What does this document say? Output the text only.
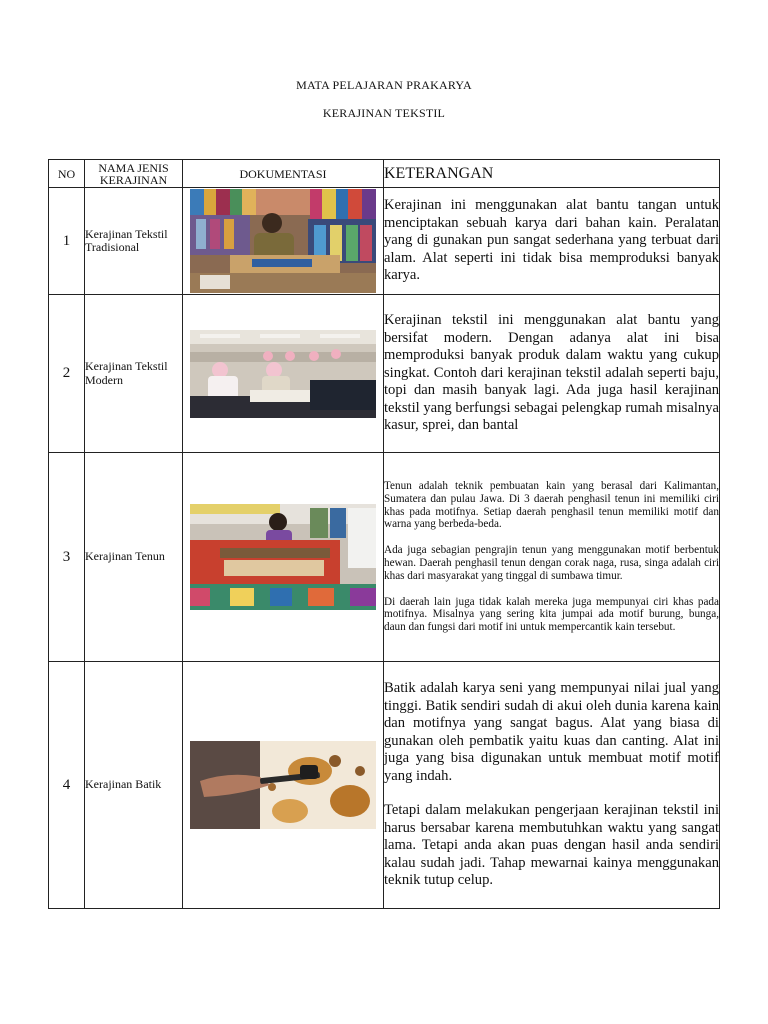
MATA PELAJARAN PRAKARYA
KERAJINAN TEKSTIL
NO	NAMA JENIS KERAJINAN	DOKUMENTASI	KETERANGAN
1	Kerajinan Tekstil Tradisional		Kerajinan ini menggunakan alat bantu tangan untuk menciptakan sebuah karya dari bahan kain. Peralatan yang di gunakan pun sangat sederhana yang terbuat dari alam. Alat seperti ini tidak bisa memproduksi banyak karya.

2	Kerajinan Tekstil Modern		Kerajinan tekstil ini menggunakan alat bantu yang bersifat modern. Dengan adanya alat ini bisa memproduksi banyak produk dalam waktu yang cukup singkat. Contoh dari kerajinan tekstil adalah seperti baju, topi dan masih banyak lagi. Ada juga hasil kerajinan tekstil yang berfungsi sebagai pelengkap rumah misalnya kasur, sprei, dan bantal

3	Kerajinan Tenun		Tenun adalah teknik pembuatan kain yang berasal dari Kalimantan, Sumatera dan pulau Jawa. Di 3 daerah penghasil tenun ini memiliki ciri khas pada motifnya. Setiap daerah penghasil tenun memiliki motif dan warna yang berbeda-beda.

Ada juga sebagian pengrajin tenun yang menggunakan motif berbentuk hewan. Daerah penghasil tenun dengan corak naga, rusa, singa adalah ciri khas dari masyarakat yang tinggal di sumbawa timur.

Di daerah lain juga tidak kalah mereka juga mempunyai ciri khas pada motifnya. Misalnya yang sering kita jumpai ada motif burung, bunga, daun dan fungsi dari motif ini untuk mempercantik kain tersebut.

4	Kerajinan Batik		Batik adalah karya seni yang mempunyai nilai jual yang tinggi. Batik sendiri sudah di akui oleh dunia karena kain dan motifnya yang sangat bagus. Alat yang biasa di gunakan oleh pembatik yaitu kuas dan canting. Alat ini juga yang bisa digunakan untuk membuat motif motif yang indah.

Tetapi dalam melakukan pengerjaan kerajinan tekstil ini harus bersabar karena membutuhkan waktu yang sangat lama. Tetapi anda akan puas dengan hasil anda sendiri kalau sudah jadi. Tahap mewarnai kainya menggunakan teknik tutup celup.
